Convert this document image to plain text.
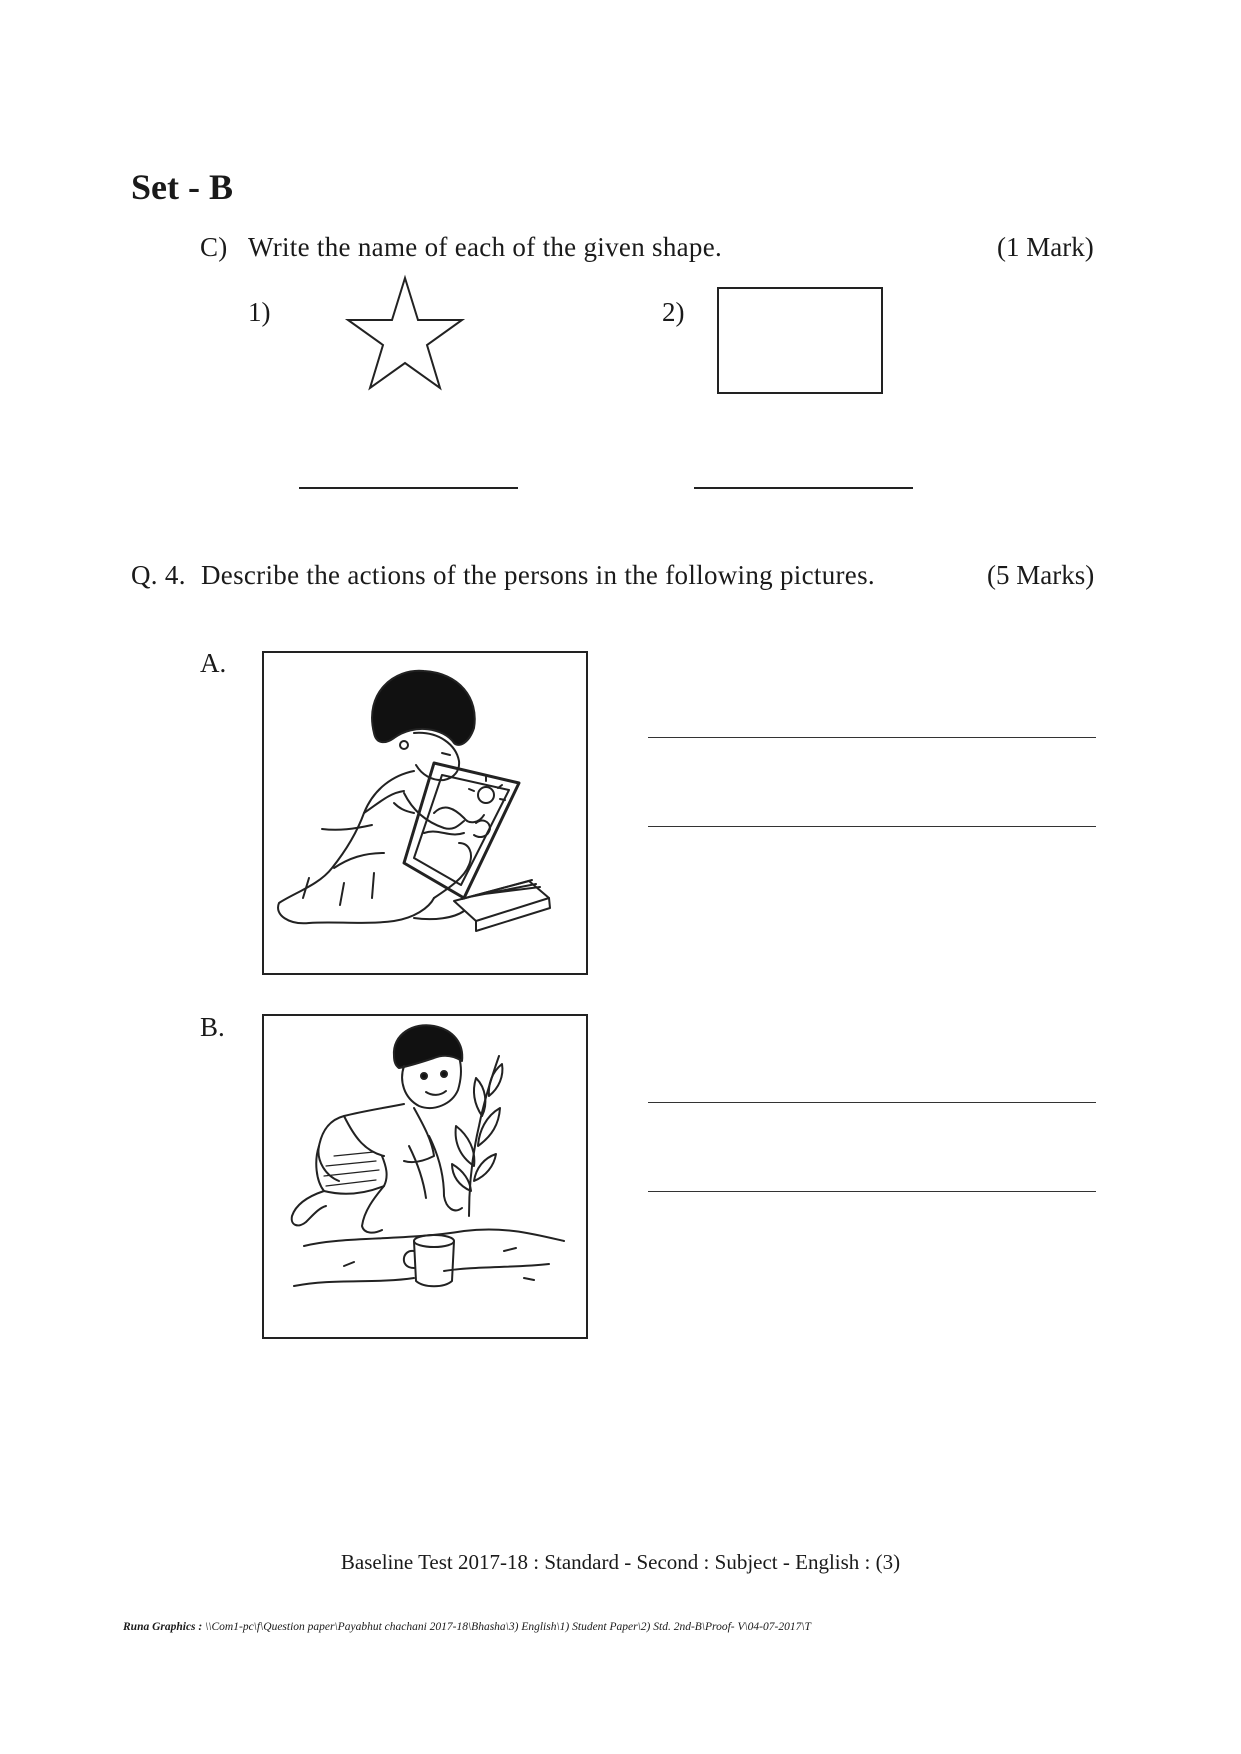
Set - B
C) Write the name of each of the given shape.	(1 Mark)
1)	2)
Q. 4. Describe the actions of the persons in the following pictures.	(5 Marks)
A.
B.
Baseline Test 2017-18 : Standard - Second : Subject - English : (3)
Runa Graphics : \\Com1-pc\f\Question paper\Payabhut chachani 2017-18\Bhasha\3) English\1) Student Paper\2) Std. 2nd-B\Proof- V\04-07-2017\T
